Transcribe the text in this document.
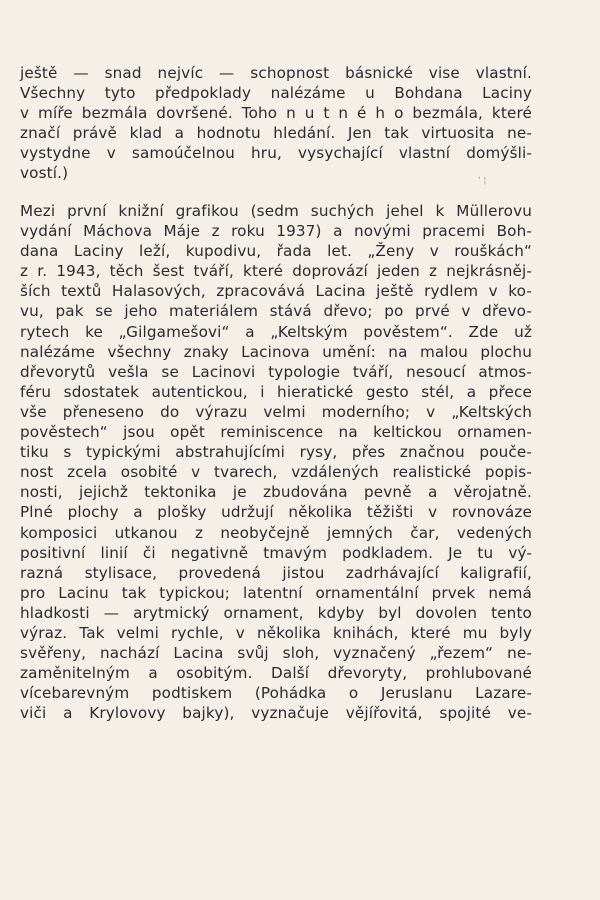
ještě — snad nejvíc — schopnost básnické vise vlastní.
Všechny tyto předpoklady nalézáme u Bohdana Laciny
v míře bezmála dovršené. Toho n u t n é h o bezmála, které
značí právě klad a hodnotu hledání. Jen tak virtuosita ne-
vystydne v samoúčelnou hru, vysychající vlastní domýšli-
vostí.)
Mezi první knižní grafikou (sedm suchých jehel k Müllerovu
vydání Máchova Máje z roku 1937) a novými pracemi Boh-
dana Laciny leží, kupodivu, řada let. „Ženy v rouškách“
z r. 1943, těch šest tváří, které doprovází jeden z nejkrásněj-
ších textů Halasových, zpracovává Lacina ještě rydlem v ko-
vu, pak se jeho materiálem stává dřevo; po prvé v dřevo-
rytech ke „Gilgamešovi“ a „Keltským pověstem“. Zde už
nalézáme všechny znaky Lacinova umění: na malou plochu
dřevorytů vešla se Lacinovi typologie tváří, nesoucí atmos-
féru sdostatek autentickou, i hieratické gesto stél, a přece
vše přeneseno do výrazu velmi moderního; v „Keltských
pověstech“ jsou opět reminiscence na keltickou ornamen-
tiku s typickými abstrahujícími rysy, přes značnou pouče-
nost zcela osobité v tvarech, vzdálených realistické popis-
nosti, jejichž tektonika je zbudována pevně a věrojatně.
Plné plochy a plošky udržují několika těžišti v rovnováze
komposici utkanou z neobyčejně jemných čar, vedených
positivní linií či negativně tmavým podkladem. Je tu vý-
razná stylisace, provedená jistou zadrhávající kaligrafií,
pro Lacinu tak typickou; latentní ornamentální prvek nemá
hladkosti — arytmický ornament, kdyby byl dovolen tento
výraz. Tak velmi rychle, v několika knihách, které mu byly
svěřeny, nachází Lacina svůj sloh, vyznačený „řezem“ ne-
zaměnitelným a osobitým. Další dřevoryty, prohlubované
vícebarevným podtiskem (Pohádka o Jeruslanu Lazare-
viči a Krylovovy bajky), vyznačuje vějířovitá, spojité ve-
' ¦
